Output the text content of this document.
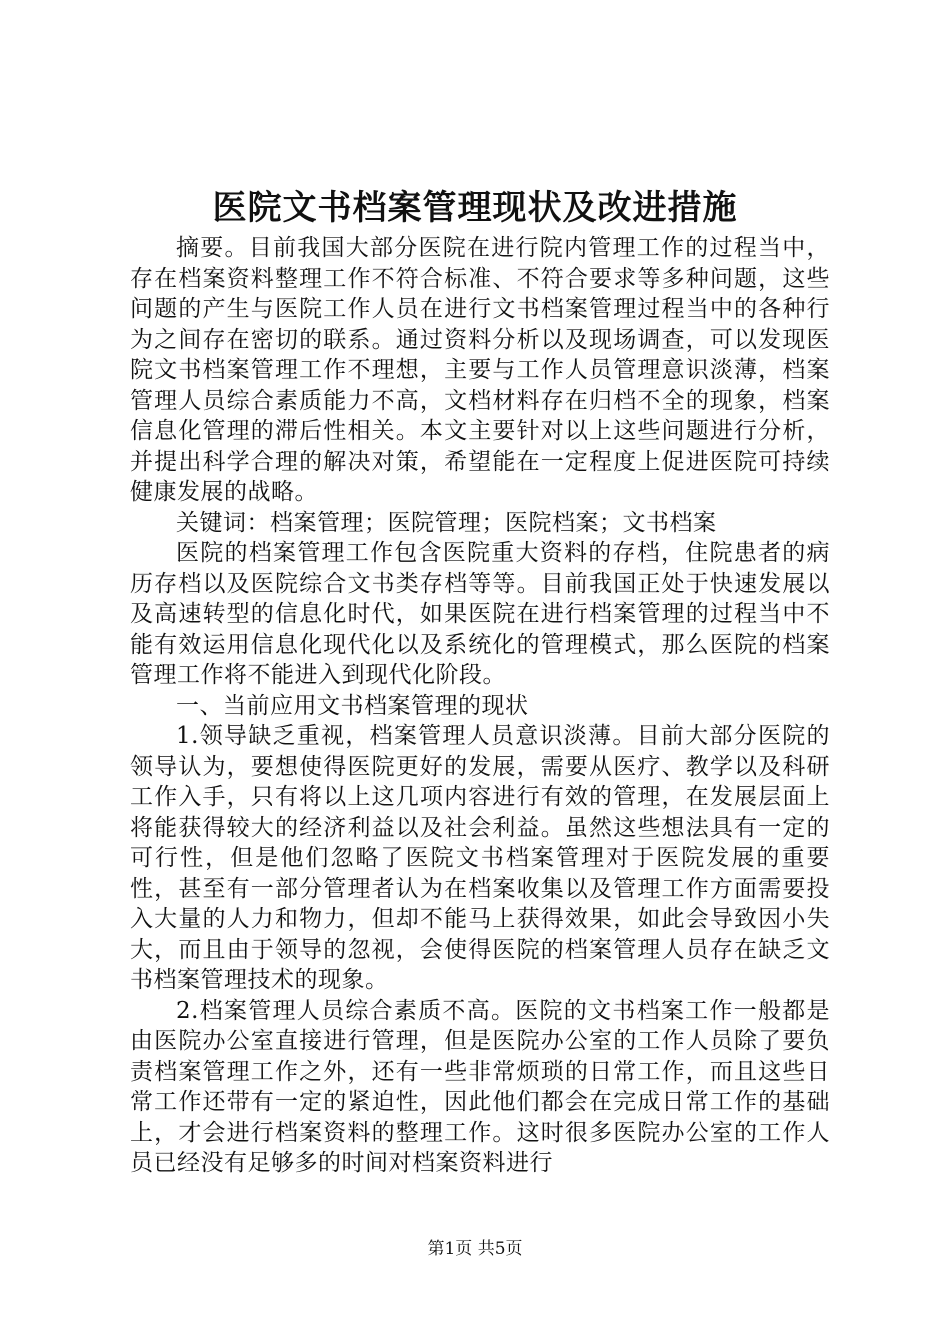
医院文书档案管理现状及改进措施

摘要。目前我国大部分医院在进行院内管理工作的过程当中，存在档案资料整理工作不符合标准、不符合要求等多种问题，这些问题的产生与医院工作人员在进行文书档案管理过程当中的各种行为之间存在密切的联系。通过资料分析以及现场调查，可以发现医院文书档案管理工作不理想，主要与工作人员管理意识淡薄，档案管理人员综合素质能力不高，文档材料存在归档不全的现象，档案信息化管理的滞后性相关。本文主要针对以上这些问题进行分析，并提出科学合理的解决对策，希望能在一定程度上促进医院可持续健康发展的战略。

关键词：档案管理；医院管理；医院档案；文书档案

医院的档案管理工作包含医院重大资料的存档，住院患者的病历存档以及医院综合文书类存档等等。目前我国正处于快速发展以及高速转型的信息化时代，如果医院在进行档案管理的过程当中不能有效运用信息化现代化以及系统化的管理模式，那么医院的档案管理工作将不能进入到现代化阶段。

一、当前应用文书档案管理的现状

1.领导缺乏重视，档案管理人员意识淡薄。目前大部分医院的领导认为，要想使得医院更好的发展，需要从医疗、教学以及科研工作入手，只有将以上这几项内容进行有效的管理，在发展层面上将能获得较大的经济利益以及社会利益。虽然这些想法具有一定的可行性，但是他们忽略了医院文书档案管理对于医院发展的重要性，甚至有一部分管理者认为在档案收集以及管理工作方面需要投入大量的人力和物力，但却不能马上获得效果，如此会导致因小失大，而且由于领导的忽视，会使得医院的档案管理人员存在缺乏文书档案管理技术的现象。

2.档案管理人员综合素质不高。医院的文书档案工作一般都是由医院办公室直接进行管理，但是医院办公室的工作人员除了要负责档案管理工作之外，还有一些非常烦琐的日常工作，而且这些日常工作还带有一定的紧迫性，因此他们都会在完成日常工作的基础上，才会进行档案资料的整理工作。这时很多医院办公室的工作人员已经没有足够多的时间对档案资料进行

第1页 共5页
